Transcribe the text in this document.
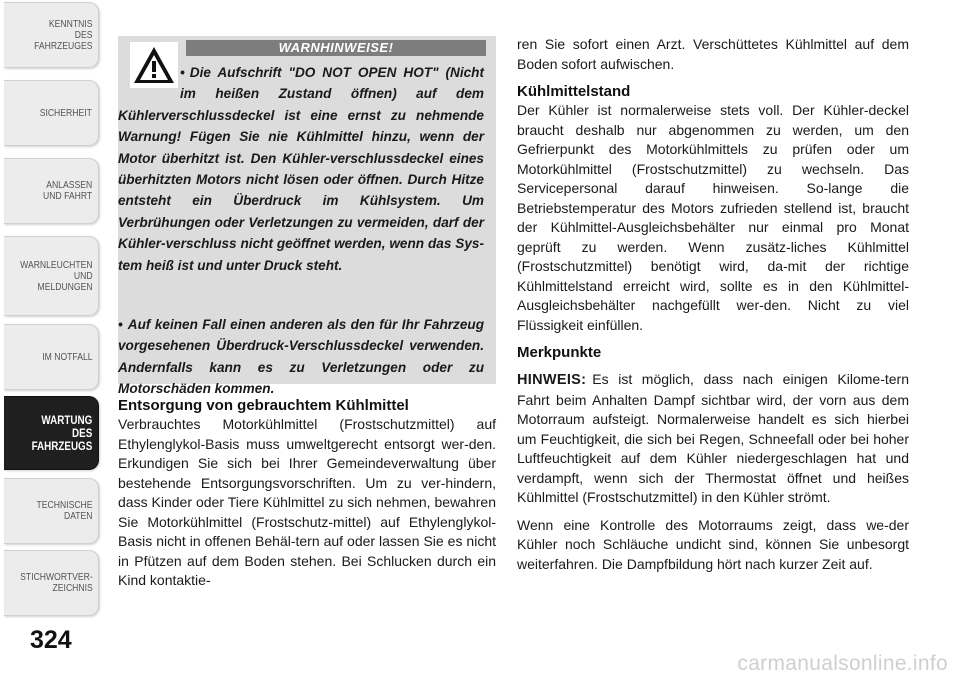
KENNTNIS
DES
FAHRZEUGES
SICHERHEIT
ANLASSEN
UND FAHRT
WARNLEUCHTEN
UND
MELDUNGEN
IM NOTFALL
WARTUNG
DES
FAHRZEUGS
TECHNISCHE
DATEN
STICHWORTVER-
ZEICHNIS
324
WARNHINWEISE!
• Die Aufschrift "DO NOT OPEN HOT" (Nicht im heißen Zustand öffnen) auf dem Kühlerverschlussdeckel ist eine ernst zu nehmende Warnung! Fügen Sie nie Kühlmittel hinzu, wenn der Motor überhitzt ist. Den Kühler-verschlussdeckel eines überhitzten Motors nicht lösen oder öffnen. Durch Hitze entsteht ein Überdruck im Kühlsystem. Um Verbrühungen oder Verletzungen zu vermeiden, darf der Kühler-verschluss nicht geöffnet werden, wenn das Sys-tem heiß ist und unter Druck steht.
• Auf keinen Fall einen anderen als den für Ihr Fahrzeug vorgesehenen Überdruck-Verschlussdeckel verwenden. Andernfalls kann es zu Verletzungen oder zu Motorschäden kommen.

Entsorgung von gebrauchtem Kühlmittel

Verbrauchtes Motorkühlmittel (Frostschutzmittel) auf Ethylenglykol-Basis muss umweltgerecht entsorgt wer-den. Erkundigen Sie sich bei Ihrer Gemeindeverwaltung über bestehende Entsorgungsvorschriften. Um zu ver-hindern, dass Kinder oder Tiere Kühlmittel zu sich nehmen, bewahren Sie Motorkühlmittel (Frostschutz-mittel) auf Ethylenglykol-Basis nicht in offenen Behäl-tern auf oder lassen Sie es nicht in Pfützen auf dem Boden stehen. Bei Schlucken durch ein Kind kontaktie-

ren Sie sofort einen Arzt. Verschüttetes Kühlmittel auf dem Boden sofort aufwischen.

Kühlmittelstand

Der Kühler ist normalerweise stets voll. Der Kühler-deckel braucht deshalb nur abgenommen zu werden, um den Gefrierpunkt des Motorkühlmittels zu prüfen oder um Motorkühlmittel (Frostschutzmittel) zu wechseln. Das Servicepersonal darauf hinweisen. So-lange die Betriebstemperatur des Motors zufrieden stellend ist, braucht der Kühlmittel-Ausgleichsbehälter nur einmal pro Monat geprüft zu werden. Wenn zusätz-liches Kühlmittel (Frostschutzmittel) benötigt wird, da-mit der richtige Kühlmittelstand erreicht wird, sollte es in den Kühlmittel-Ausgleichsbehälter nachgefüllt wer-den. Nicht zu viel Flüssigkeit einfüllen.

Merkpunkte

HINWEIS: Es ist möglich, dass nach einigen Kilome-tern Fahrt beim Anhalten Dampf sichtbar wird, der vorn aus dem Motorraum aufsteigt. Normalerweise handelt es sich hierbei um Feuchtigkeit, die sich bei Regen, Schneefall oder bei hoher Luftfeuchtigkeit auf dem Kühler niedergeschlagen hat und verdampft, wenn sich der Thermostat öffnet und heißes Kühlmittel (Frostschutzmittel) in den Kühler strömt.

Wenn eine Kontrolle des Motorraums zeigt, dass we-der Kühler noch Schläuche undicht sind, können Sie unbesorgt weiterfahren. Die Dampfbildung hört nach kurzer Zeit auf.

carmanualsonline.info
